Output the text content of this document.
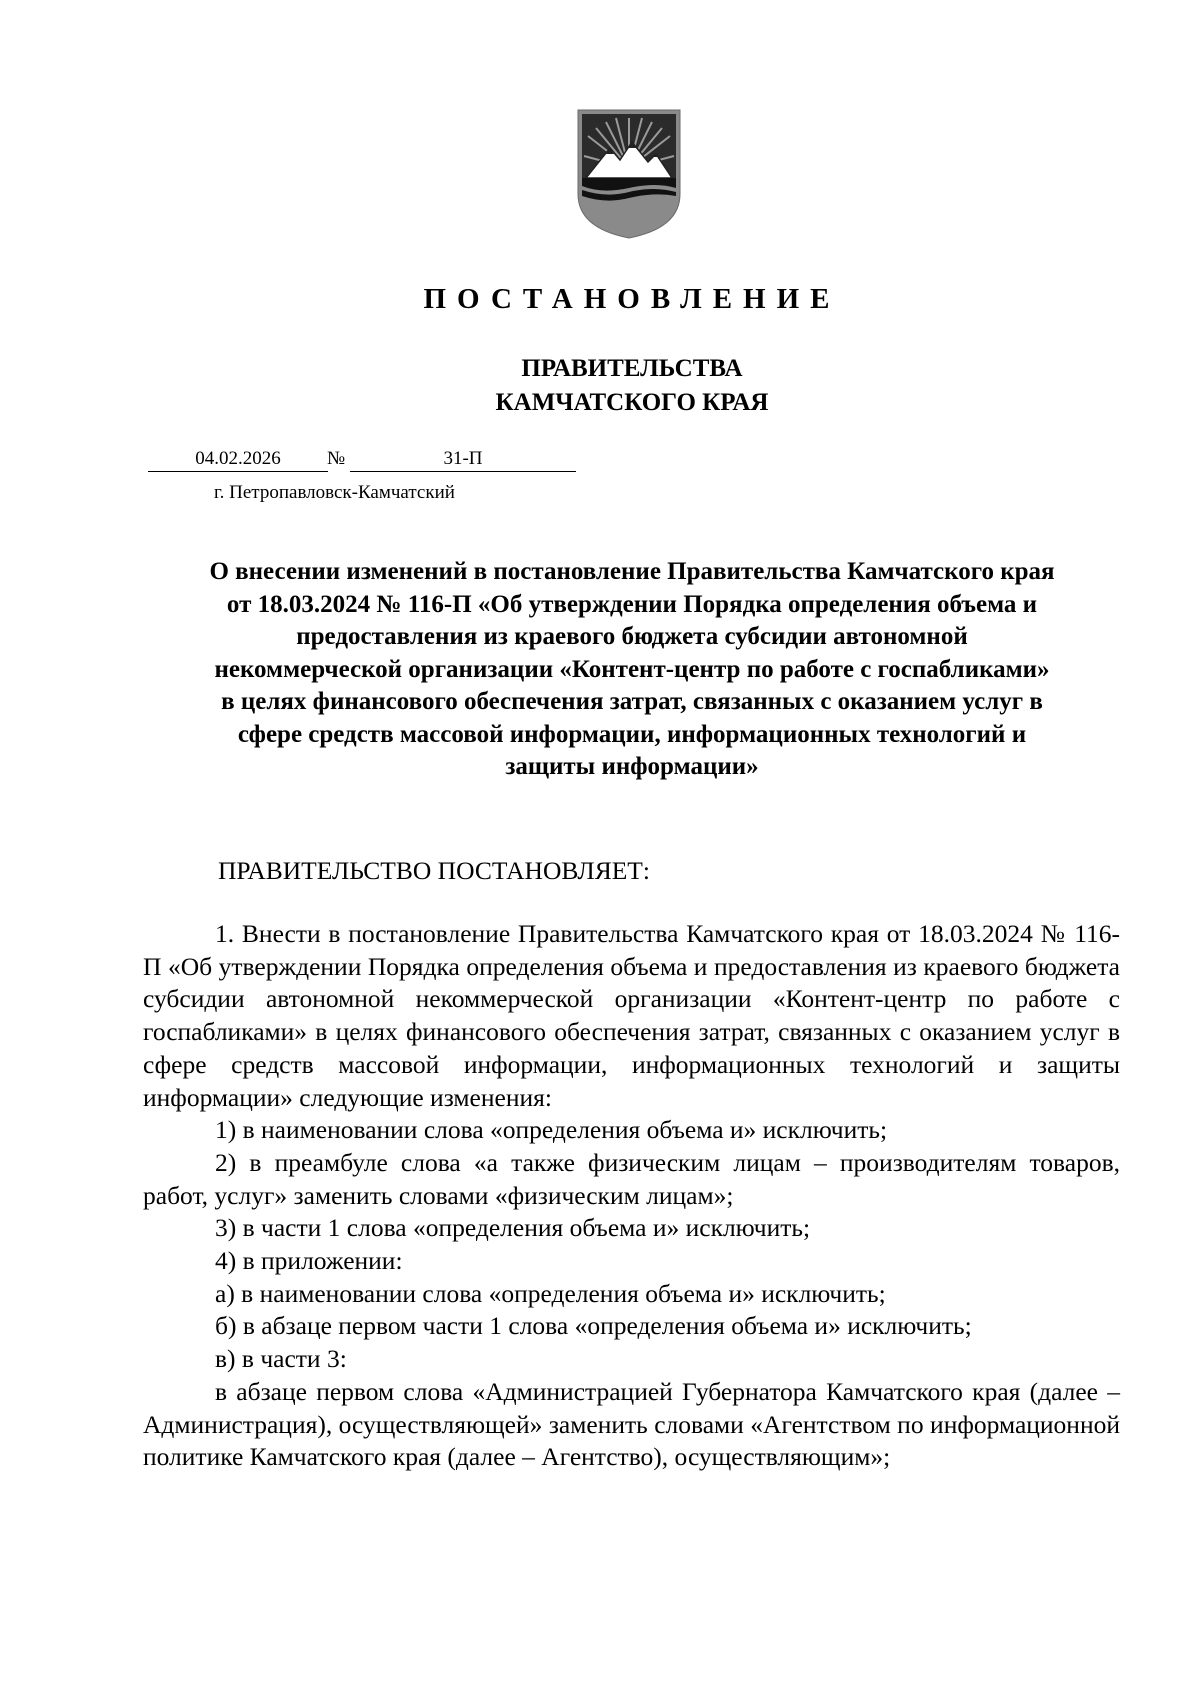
ПОСТАНОВЛЕНИЕ
ПРАВИТЕЛЬСТВА
КАМЧАТСКОГО КРАЯ
04.02.2026	№	31-П
г. Петропавловск-Камчатский
О внесении изменений в постановление Правительства Камчатского края
от 18.03.2024 № 116-П «Об утверждении Порядка определения объема и
предоставления из краевого бюджета субсидии автономной
некоммерческой организации «Контент-центр по работе с госпабликами»
в целях финансового обеспечения затрат, связанных с оказанием услуг в
сфере средств массовой информации, информационных технологий и
защиты информации»
ПРАВИТЕЛЬСТВО ПОСТАНОВЛЯЕТ:

1. Внести в постановление Правительства Камчатского края от 18.03.2024 № 116-П «Об утверждении Порядка определения объема и предоставления из краевого бюджета субсидии автономной некоммерческой организации «Контент-центр по работе с госпабликами» в целях финансового обеспечения затрат, связанных с оказанием услуг в сфере средств массовой информации, информационных технологий и защиты информации» следующие изменения:

1) в наименовании слова «определения объема и» исключить;

2) в преамбуле слова «а также физическим лицам – производителям товаров, работ, услуг» заменить словами «физическим лицам»;

3) в части 1 слова «определения объема и» исключить;

4) в приложении:

а) в наименовании слова «определения объема и» исключить;

б) в абзаце первом части 1 слова «определения объема и» исключить;

в) в части 3:

в абзаце первом слова «Администрацией Губернатора Камчатского края (далее – Администрация), осуществляющей» заменить словами «Агентством по информационной политике Камчатского края (далее – Агентство), осуществляющим»;
